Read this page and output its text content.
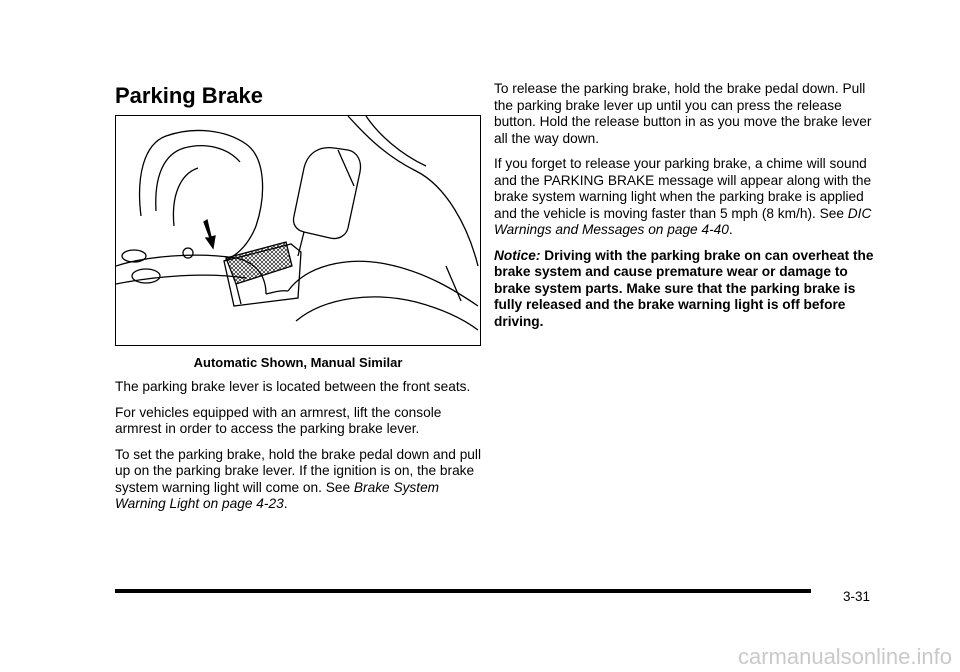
Parking Brake
Automatic Shown, Manual Similar

The parking brake lever is located between the front seats.

For vehicles equipped with an armrest, lift the console armrest in order to access the parking brake lever.

To set the parking brake, hold the brake pedal down and pull up on the parking brake lever. If the ignition is on, the brake system warning light will come on. See Brake System Warning Light on page 4-23.

To release the parking brake, hold the brake pedal down. Pull the parking brake lever up until you can press the release button. Hold the release button in as you move the brake lever all the way down.

If you forget to release your parking brake, a chime will sound and the PARKING BRAKE message will appear along with the brake system warning light when the parking brake is applied and the vehicle is moving faster than 5 mph (8 km/h). See DIC Warnings and Messages on page 4-40.

Notice: Driving with the parking brake on can overheat the brake system and cause premature wear or damage to brake system parts. Make sure that the parking brake is fully released and the brake warning light is off before driving.

3-31
carmanualsonline.info
